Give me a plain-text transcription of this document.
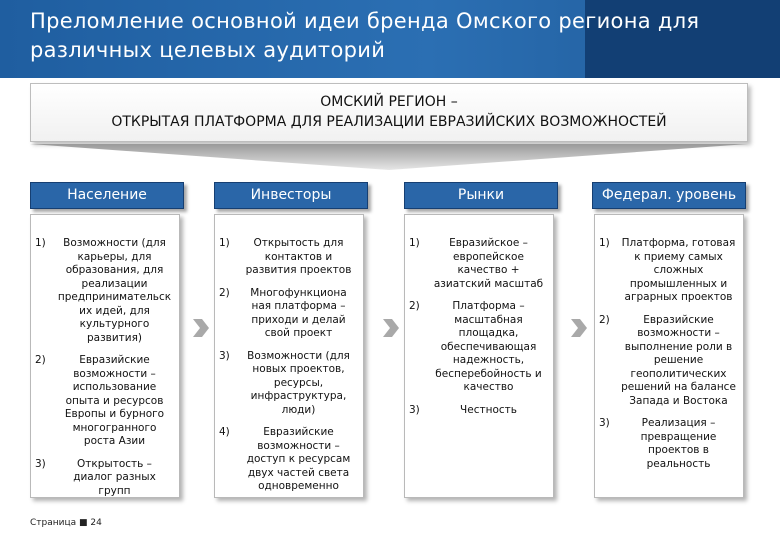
Преломление основной идеи бренда Омского региона для различных целевых аудиторий
ОМСКИЙ РЕГИОН –
ОТКРЫТАЯ ПЛАТФОРМА ДЛЯ РЕАЛИЗАЦИИ ЕВРАЗИЙСКИХ ВОЗМОЖНОСТЕЙ
Население	Инвесторы	Рынки	Федерал. уровень
1)	Возможности (для карьеры, для образования, для реализации предпринимательск их идей, для культурного развития)
2)	Евразийские возможности – использование опыта и ресурсов Европы и бурного многогранного роста Азии
3)	Открытость – диалог разных групп
1)	Открытость для контактов и развития проектов
2)	Многофункциона ная платформа – приходи и делай свой проект
3)	Возможности (для новых проектов, ресурсы, инфраструктура, люди)
4)	Евразийские возможности – доступ к ресурсам двух частей света одновременно
1)	Евразийское – европейское качество + азиатский масштаб
2)	Платформа – масштабная площадка, обеспечивающая надежность, бесперебойность и качество
3)	Честность
1)	Платформа, готовая к приему самых сложных промышленных и аграрных проектов
2)	Евразийские возможности – выполнение роли в решение геополитических решений на балансе Запада и Востока
3)	Реализация – превращение проектов в реальность
Страница ■ 24
